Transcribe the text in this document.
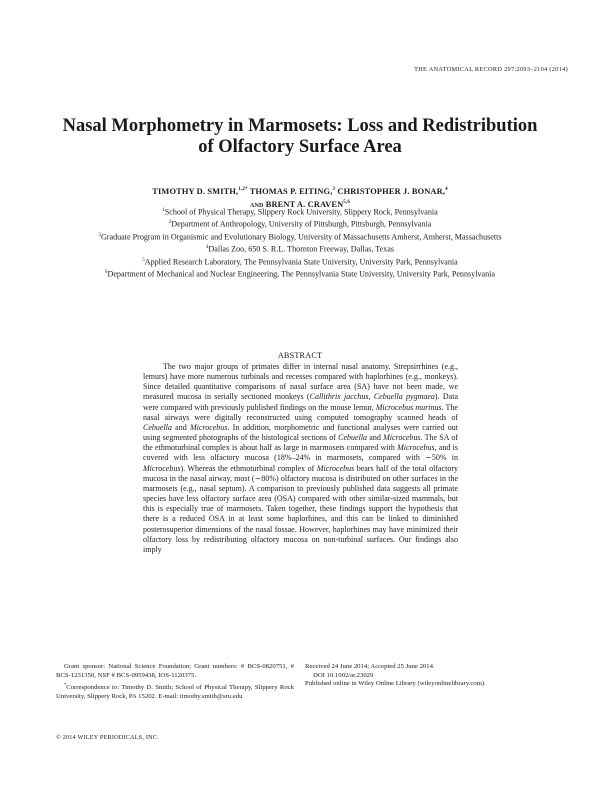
THE ANATOMICAL RECORD 297:2093–2104 (2014)
Nasal Morphometry in Marmosets: Loss and Redistribution of Olfactory Surface Area
TIMOTHY D. SMITH,$^{1,2*}$ THOMAS P. EITING,$^3$ CHRISTOPHER J. BONAR,$^4$
AND BRENT A. CRAVEN$^{5,6}$
$^1$School of Physical Therapy, Slippery Rock University, Slippery Rock, Pennsylvania
$^2$Department of Anthropology, University of Pittsburgh, Pittsburgh, Pennsylvania
$^3$Graduate Program in Organismic and Evolutionary Biology, University of Massachusetts Amherst, Amherst, Massachusetts
$^4$Dallas Zoo, 650 S. R.L. Thornton Freeway, Dallas, Texas
$^5$Applied Research Laboratory, The Pennsylvania State University, University Park, Pennsylvania
$^6$Department of Mechanical and Nuclear Engineering, The Pennsylvania State University, University Park, Pennsylvania
ABSTRACT

The two major groups of primates differ in internal nasal anatomy. Strepsirrhines (e.g., lemurs) have more numerous turbinals and recesses compared with haplorhines (e.g., monkeys). Since detailed quantitative comparisons of nasal surface area (SA) have not been made, we measured mucosa in serially sectioned monkeys (Callithrix jacchus, Cebuella pygmaea). Data were compared with previously published findings on the mouse lemur, Microcebus murinus. The nasal airways were digitally reconstructed using computed tomography scanned heads of Cebuella and Microcebus. In addition, morphometric and functional analyses were carried out using segmented photographs of the histological sections of Cebuella and Microcebus. The SA of the ethmoturbinal complex is about half as large in marmosets compared with Microcebus, and is covered with less olfactory mucosa (18%–24% in marmosets, compared with ∼50% in Microcebus). Whereas the ethmoturbinal complex of Microcebus bears half of the total olfactory mucosa in the nasal airway, most (∼80%) olfactory mucosa is distributed on other surfaces in the marmosets (e.g., nasal septum). A comparison to previously published data suggests all primate species have less olfactory surface area (OSA) compared with other similar-sized mammals, but this is especially true of marmosets. Taken together, these findings support the hypothesis that there is a reduced OSA in at least some haplorhines, and this can be linked to diminished posterosuperior dimensions of the nasal fossae. However, haplorhines may have minimized their olfactory loss by redistributing olfactory mucosa on non-turbinal surfaces. Our findings also imply

Grant sponsor: National Science Foundation; Grant numbers: # BCS-0820751, # BCS-1231350, NSF # BCS-0959438, IOS-1120375.

*Correspondence to: Timothy D. Smith; School of Physical Therapy, Slippery Rock University, Slippery Rock, PA 15202. E-mail: timothy.smith@sru.edu

Received 24 June 2014; Accepted 25 June 2014.

DOI 10.1002/ar.23029

Published online in Wiley Online Library (wileyonlinelibrary.com).

© 2014 WILEY PERIODICALS, INC.
